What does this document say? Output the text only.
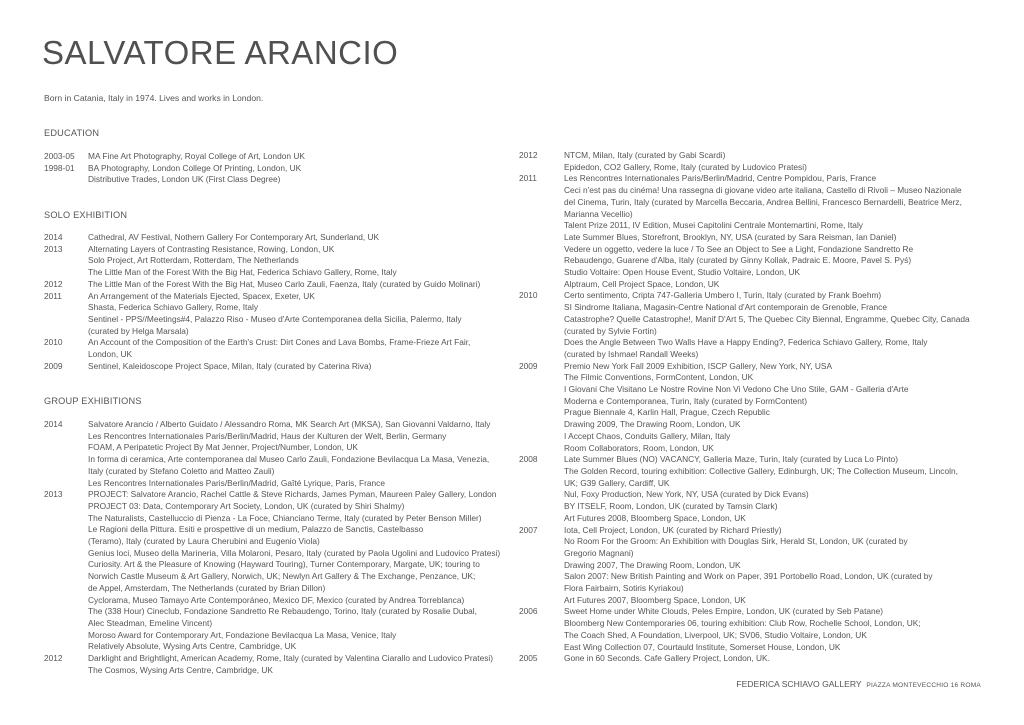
SALVATORE ARANCIO
Born in Catania, Italy in 1974. Lives and works in London.
EDUCATION
2003-05	MA Fine Art Photography, Royal College of Art, London UK
1998-01	BA Photography, London College Of Printing, London, UK
Distributive Trades, London UK (First Class Degree)
SOLO EXHIBITION
2014	Cathedral, AV Festival, Nothern Gallery For Contemporary Art, Sunderland, UK
2013	Alternating Layers of Contrasting Resistance, Rowing, London, UK
Solo Project, Art Rotterdam, Rotterdam, The Netherlands
The Little Man of the Forest With the Big Hat, Federica Schiavo Gallery, Rome, Italy
2012	The Little Man of the Forest With the Big Hat, Museo Carlo Zauli, Faenza, Italy (curated by Guido Molinari)
2011	An Arrangement of the Materials Ejected, Spacex, Exeter, UK
Shasta, Federica Schiavo Gallery, Rome, Italy
Sentinel - PPS//Meetings#4, Palazzo Riso - Museo d'Arte Contemporanea della Sicilia, Palermo, Italy
(curated by Helga Marsala)
2010	An Account of the Composition of the Earth's Crust: Dirt Cones and Lava Bombs, Frame-Frieze Art Fair,
London, UK
2009	Sentinel, Kaleidoscope Project Space, Milan, Italy (curated by Caterina Riva)
GROUP EXHIBITIONS
2014	Salvatore Arancio / Alberto Guidato / Alessandro Roma, MK Search Art (MKSA), San Giovanni Valdarno, Italy
Les Rencontres Internationales Paris/Berlin/Madrid, Haus der Kulturen der Welt, Berlin, Germany
FOAM, A Peripatetic Project By Mat Jenner, Project/Number, London, UK
In forma di ceramica, Arte contemporanea dal Museo Carlo Zauli, Fondazione Bevilacqua La Masa, Venezia,
Italy (curated by Stefano Coletto and Matteo Zauli)
Les Rencontres Internationales Paris/Berlin/Madrid, Gaîté Lyrique, Paris, France
2013	PROJECT: Salvatore Arancio, Rachel Cattle & Steve Richards, James Pyman, Maureen Paley Gallery, London
PROJECT 03: Data, Contemporary Art Society, London, UK (curated by Shiri Shalmy)
The Naturalists, Castelluccio di Pienza - La Foce, Chianciano Terme, Italy (curated by Peter Benson Miller)
Le Ragioni della Pittura. Esiti e prospettive di un medium, Palazzo de Sanctis, Castelbasso
(Teramo), Italy (curated by Laura Cherubini and Eugenio Viola)
Genius loci, Museo della Marineria, Villa Molaroni, Pesaro, Italy (curated by Paola Ugolini and Ludovico Pratesi)
Curiosity. Art & the Pleasure of Knowing (Hayward Touring), Turner Contemporary, Margate, UK; touring to
Norwich Castle Museum & Art Gallery, Norwich, UK; Newlyn Art Gallery & The Exchange, Penzance, UK;
de Appel, Amsterdam, The Netherlands (curated by Brian Dillon)
Cyclorama, Museo Tamayo Arte Contemporáneo, Mexico DF, Mexico (curated by Andrea Torreblanca)
The (338 Hour) Cineclub, Fondazione Sandretto Re Rebaudengo, Torino, Italy (curated by Rosalie Dubal,
Alec Steadman, Emeline Vincent)
Moroso Award for Contemporary Art, Fondazione Bevilacqua La Masa, Venice, Italy
Relatively Absolute, Wysing Arts Centre, Cambridge, UK
2012	Darklight and Brightlight, American Academy, Rome, Italy (curated by Valentina Ciarallo and Ludovico Pratesi)
The Cosmos, Wysing Arts Centre, Cambridge, UK
2012	NTCM, Milan, Italy (curated by Gabi Scardi)
Epidedon, CO2 Gallery, Rome, Italy (curated by Ludovico Pratesi)
2011	Les Rencontres Internationales Paris/Berlin/Madrid, Centre Pompidou, Paris, France
Ceci n'est pas du cinéma! Una rassegna di giovane video arte italiana, Castello di Rivoli – Museo Nazionale
del Cinema, Turin, Italy (curated by Marcella Beccaria, Andrea Bellini, Francesco Bernardelli, Beatrice Merz,
Marianna Vecellio)
Talent Prize 2011, IV Edition, Musei Capitolini Centrale Montemartini, Rome, Italy
Late Summer Blues, Storefront, Brooklyn, NY, USA (curated by Sara Reisman, Ian Daniel)
Vedere un oggetto, vedere la luce / To See an Object to See a Light, Fondazione Sandretto Re
Rebaudengo, Guarene d'Alba, Italy (curated by Ginny Kollak, Padraic E. Moore, Pavel S. Pyś)
Studio Voltaire: Open House Event, Studio Voltaire, London, UK
Alptraum, Cell Project Space, London, UK
2010	Certo sentimento, Cripta 747-Galleria Umbero I, Turin, Italy (curated by Frank Boehm)
SI Sindrome Italiana, Magasin-Centre National d'Art contemporain de Grenoble, France
Catastrophe? Quelle Catastrophe!, Manif D'Art 5, The Quebec City Biennal, Engramme, Quebec City, Canada
(curated by Sylvie Fortin)
Does the Angle Between Two Walls Have a Happy Ending?, Federica Schiavo Gallery, Rome, Italy
(curated by Ishmael Randall Weeks)
2009	Premio New York Fall 2009 Exhibition, ISCP Gallery, New York, NY, USA
The Filmic Conventions, FormContent, London, UK
I Giovani Che Visitano Le Nostre Rovine Non Vi Vedono Che Uno Stile, GAM - Galleria d'Arte
Moderna e Contemporanea, Turin, Italy (curated by FormContent)
Prague Biennale 4, Karlin Hall, Prague, Czech Republic
Drawing 2009, The Drawing Room, London, UK
I Accept Chaos, Conduits Gallery, Milan, Italy
Room Collaborators, Room, London, UK
2008	Late Summer Blues (NO) VACANCY, Galleria Maze, Turin, Italy (curated by Luca Lo Pinto)
The Golden Record, touring exhibition: Collective Gallery, Edinburgh, UK; The Collection Museum, Lincoln,
UK; G39 Gallery, Cardiff, UK
Nul, Foxy Production, New York, NY, USA (curated by Dick Evans)
BY ITSELF, Room, London, UK (curated by Tamsin Clark)
Art Futures 2008, Bloomberg Space, London, UK
2007	Iota, Cell Project, London, UK (curated by Richard Priestly)
No Room For the Groom: An Exhibition with Douglas Sirk, Herald St, London, UK (curated by
Gregorio Magnani)
Drawing 2007, The Drawing Room, London, UK
Salon 2007: New British Painting and Work on Paper, 391 Portobello Road, London, UK (curated by
Flora Fairbairn, Sotiris Kyriakou)
Art Futures 2007, Bloomberg Space, London, UK
2006	Sweet Home under White Clouds, Peles Empire, London, UK (curated by Seb Patane)
Bloomberg New Contemporaries 06, touring exhibition: Club Row, Rochelle School, London, UK;
The Coach Shed, A Foundation, Liverpool, UK; SV06, Studio Voltaire, London, UK
East Wing Collection 07, Courtauld Institute, Somerset House, London, UK
2005	Gone in 60 Seconds. Cafe Gallery Project, London, UK.
FEDERICA SCHIAVO GALLERY PIAZZA MONTEVECCHIO 16 ROMA
